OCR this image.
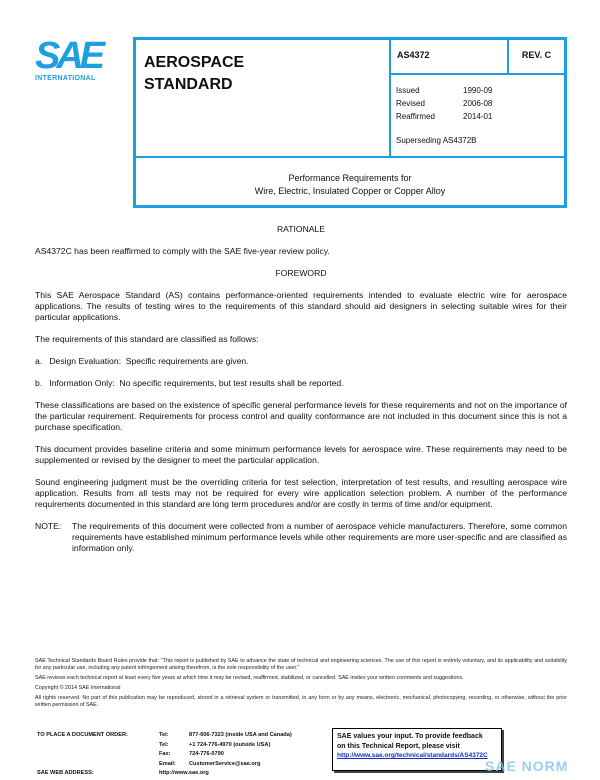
SAE
INTERNATIONAL
AEROSPACE
STANDARD
AS4372	REV. C
Issued	1990-09
Revised	2006-08
Reaffirmed	2014-01
Superseding AS4372B
Performance Requirements for
Wire, Electric, Insulated Copper or Copper Alloy
RATIONALE

AS4372C has been reaffirmed to comply with the SAE five-year review policy.

FOREWORD

This SAE Aerospace Standard (AS) contains performance-oriented requirements intended to evaluate electric wire for aerospace applications. The results of testing wires to the requirements of this standard should aid designers in selecting suitable wires for their particular applications.

The requirements of this standard are classified as follows:

a.   Design Evaluation:  Specific requirements are given.

b.   Information Only:  No specific requirements, but test results shall be reported.

These classifications are based on the existence of specific general performance levels for these requirements and not on the importance of the particular requirement. Requirements for process control and quality conformance are not included in this document since this is not a purchase specification.

This document provides baseline criteria and some minimum performance levels for aerospace wire. These requirements may need to be supplemented or revised by the designer to meet the particular application.

Sound engineering judgment must be the overriding criteria for test selection, interpretation of test results, and resulting aerospace wire application. Results from all tests may not be required for every wire application selection problem. A number of the performance requirements documented in this standard are long term procedures and/or are costly in terms of time and/or equipment.

NOTE:	The requirements of this document were collected from a number of aerospace vehicle manufacturers. Therefore, some common requirements have established minimum performance levels while other requirements are more user-specific and are classified as information only.

SAE Technical Standards Board Rules provide that: "This report is published by SAE to advance the state of technical and engineering sciences. The use of this report is entirely voluntary, and its applicability and suitability for any particular use, including any patent infringement arising therefrom, is the sole responsibility of the user."

SAE reviews each technical report at least every five years at which time it may be revised, reaffirmed, stabilized, or cancelled. SAE invites your written comments and suggestions.

Copyright © 2014 SAE International

All rights reserved. No part of this publication may be reproduced, stored in a retrieval system or transmitted, in any form or by any means, electronic, mechanical, photocopying, recording, or otherwise, without the prior written permission of SAE.

TO PLACE A DOCUMENT ORDER:	Tel:	877-606-7323 (inside USA and Canada)
	Tel:	+1 724-776-4970 (outside USA)
	Fax:	724-776-0790
	Email:	CustomerService@sae.org
SAE WEB ADDRESS:	http://www.sae.org	
SAE values your input. To provide feedback
on this Technical Report, please visit
http://www.sae.org/technical/standards/AS4372C
SAE NORM
